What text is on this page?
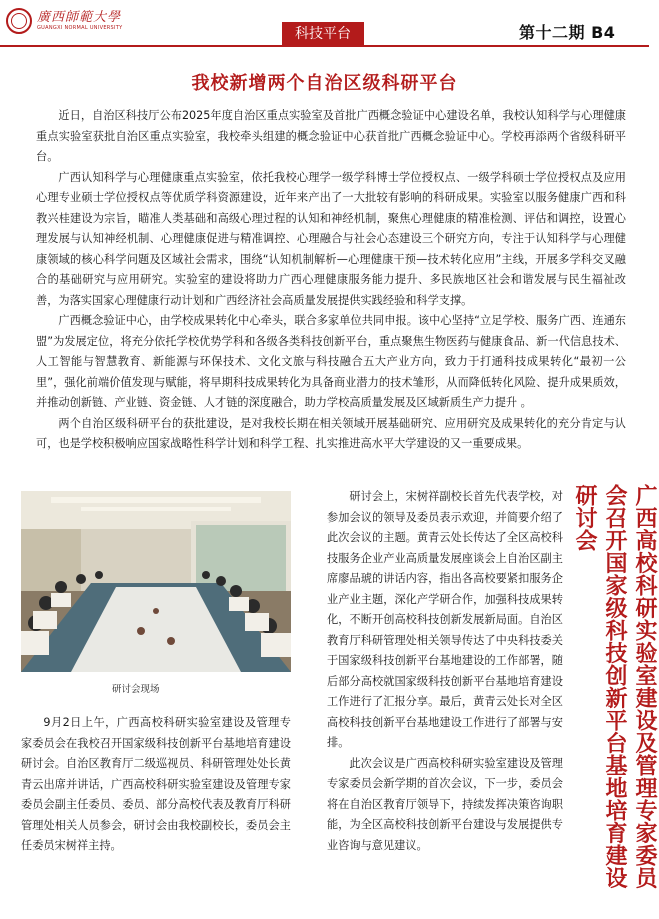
廣西師範大學
GUANGXI NORMAL UNIVERSITY	科技平台	第十二期 B4
我校新增两个自治区级科研平台

近日，自治区科技厅公布2025年度自治区重点实验室及首批广西概念验证中心建设名单，我校认知科学与心理健康重点实验室获批自治区重点实验室，我校牵头组建的概念验证中心获首批广西概念验证中心。学校再添两个省级科研平台。

广西认知科学与心理健康重点实验室，依托我校心理学一级学科博士学位授权点、一级学科硕士学位授权点及应用心理专业硕士学位授权点等优质学科资源建设，近年来产出了一大批较有影响的科研成果。实验室以服务健康广西和科教兴桂建设为宗旨，瞄准人类基础和高级心理过程的认知和神经机制，聚焦心理健康的精准检测、评估和调控，设置心理发展与认知神经机制、心理健康促进与精准调控、心理融合与社会心态建设三个研究方向，专注于认知科学与心理健康领域的核心科学问题及区域社会需求，围绕“认知机制解析—心理健康干预—技术转化应用”主线，开展多学科交叉融合的基础研究与应用研究。实验室的建设将助力广西心理健康服务能力提升、多民族地区社会和谐发展与民生福祉改善，为落实国家心理健康行动计划和广西经济社会高质量发展提供实践经验和科学支撑。

广西概念验证中心，由学校成果转化中心牵头，联合多家单位共同申报。该中心坚持“立足学校、服务广西、连通东盟”为发展定位，将充分依托学校优势学科和各级各类科技创新平台，重点聚焦生物医药与健康食品、新一代信息技术、人工智能与智慧教育、新能源与环保技术、文化文旅与科技融合五大产业方向，致力于打通科技成果转化“最初一公里”，强化前端价值发现与赋能，将早期科技成果转化为具备商业潜力的技术雏形，从而降低转化风险、提升成果质效，并推动创新链、产业链、资金链、人才链的深度融合，助力学校高质量发展及区域新质生产力提升 。

两个自治区级科研平台的获批建设，是对我校长期在相关领域开展基础研究、应用研究及成果转化的充分肯定与认可，也是学校积极响应国家战略性科学计划和科学工程、扎实推进高水平大学建设的又一重要成果。

研讨会现场

9月2日上午，广西高校科研实验室建设及管理专家委员会在我校召开国家级科技创新平台基地培育建设研讨会。自治区教育厅二级巡视员、科研管理处处长黄青云出席并讲话，广西高校科研实验室建设及管理专家委员会副主任委员、委员、部分高校代表及教育厅科研管理处相关人员参会，研讨会由我校副校长，委员会主任委员宋树祥主持。

研讨会上，宋树祥副校长首先代表学校，对参加会议的领导及委员表示欢迎，并简要介绍了此次会议的主题。黄青云处长传达了全区高校科技服务企业产业高质量发展座谈会上自治区副主席廖品琥的讲话内容，指出各高校要紧扣服务企业产业主题，深化产学研合作，加强科技成果转化，不断开创高校科技创新发展新局面。自治区教育厅科研管理处相关领导传达了中央科技委关于国家级科技创新平台基地建设的工作部署，随后部分高校就国家级科技创新平台基地培育建设工作进行了汇报分享。最后，黄青云处长对全区高校科技创新平台基地建设工作进行了部署与安排。

此次会议是广西高校科研实验室建设及管理专家委员会新学期的首次会议，下一步，委员会将在自治区教育厅领导下，持续发挥决策咨询职能，为全区高校科技创新平台建设与发展提供专业咨询与意见建议。	广西高校科研实验室建设及管理专家委员会召开国家级科技创新平台基地培育建设研讨会
